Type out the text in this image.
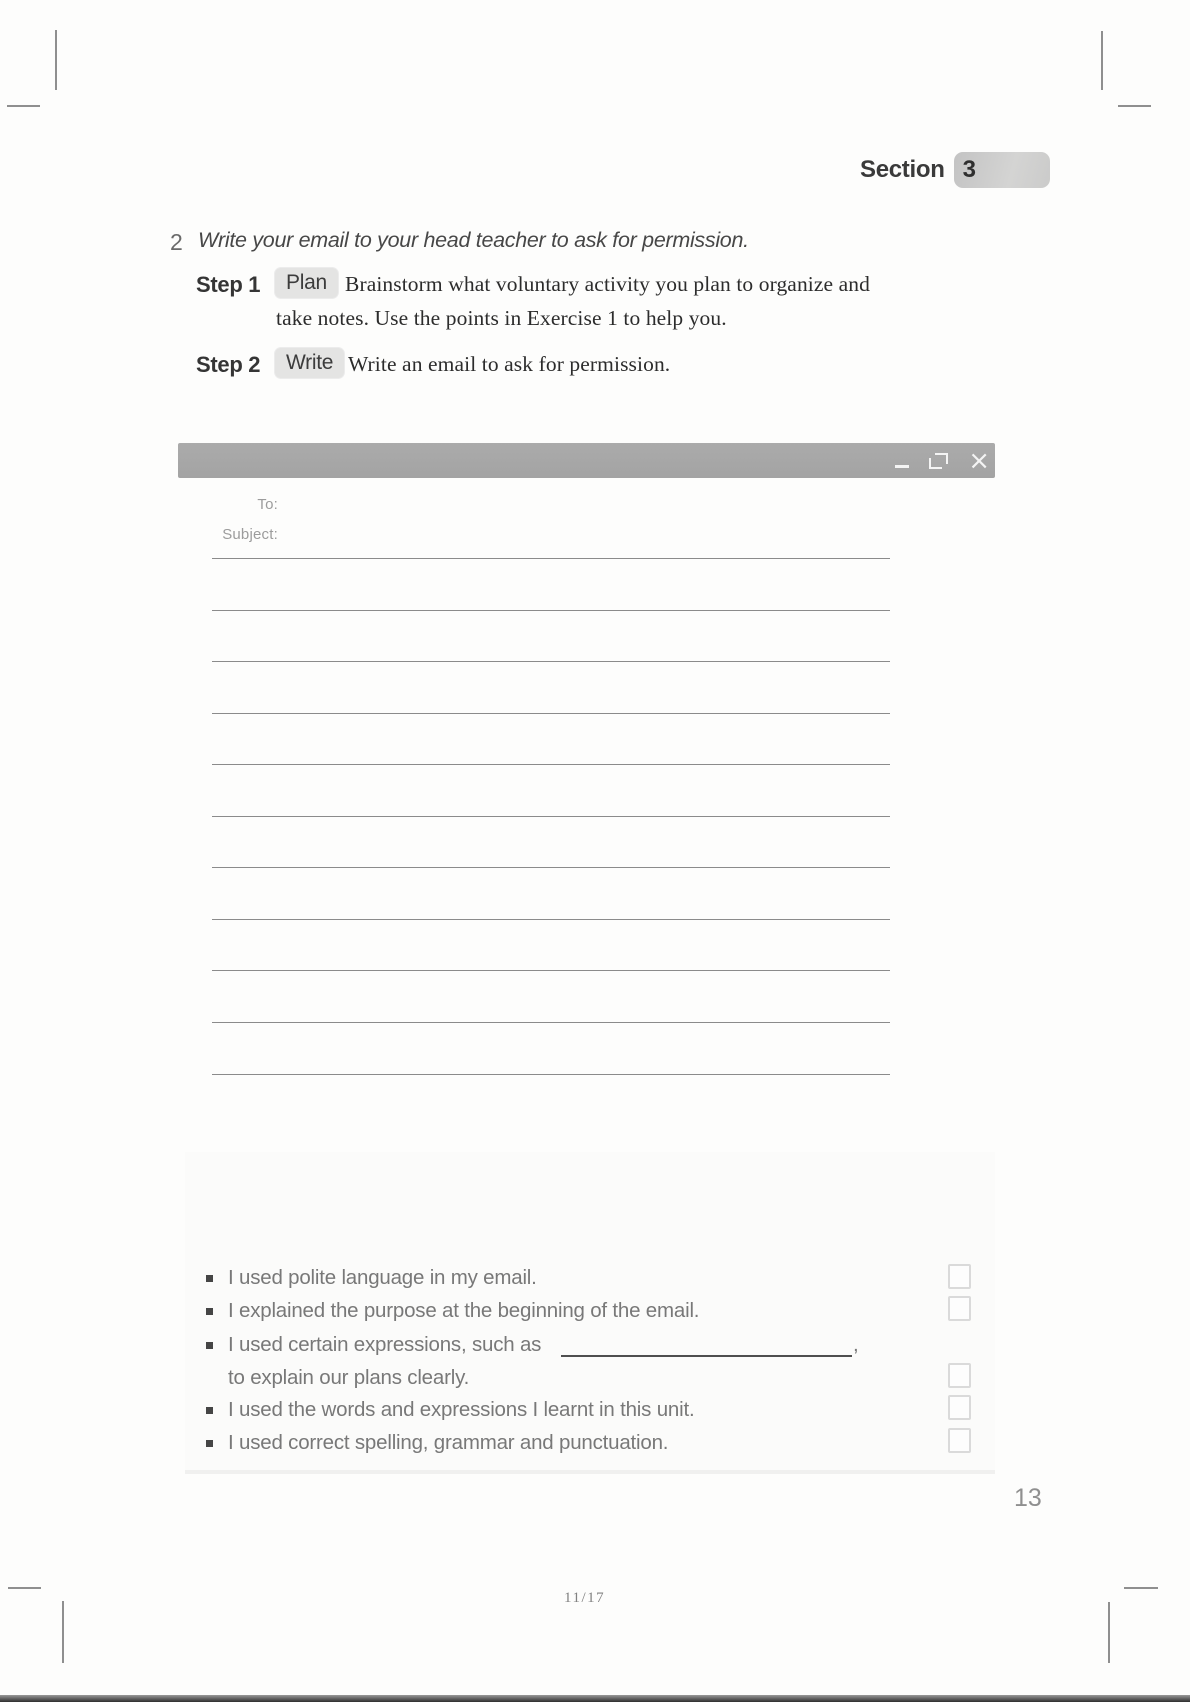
Section 3
2 Write your email to your head teacher to ask for permission.
Step 1	Plan Brainstorm what voluntary activity you plan to organize and
take notes. Use the points in Exercise 1 to help you.
Step 2	Write Write an email to ask for permission.
×
To:
Subject:
I used polite language in my email.
I explained the purpose at the beginning of the email.
I used certain expressions, such as	,
to explain our plans clearly.
I used the words and expressions I learnt in this unit.
I used correct spelling, grammar and punctuation.
13
11/17
